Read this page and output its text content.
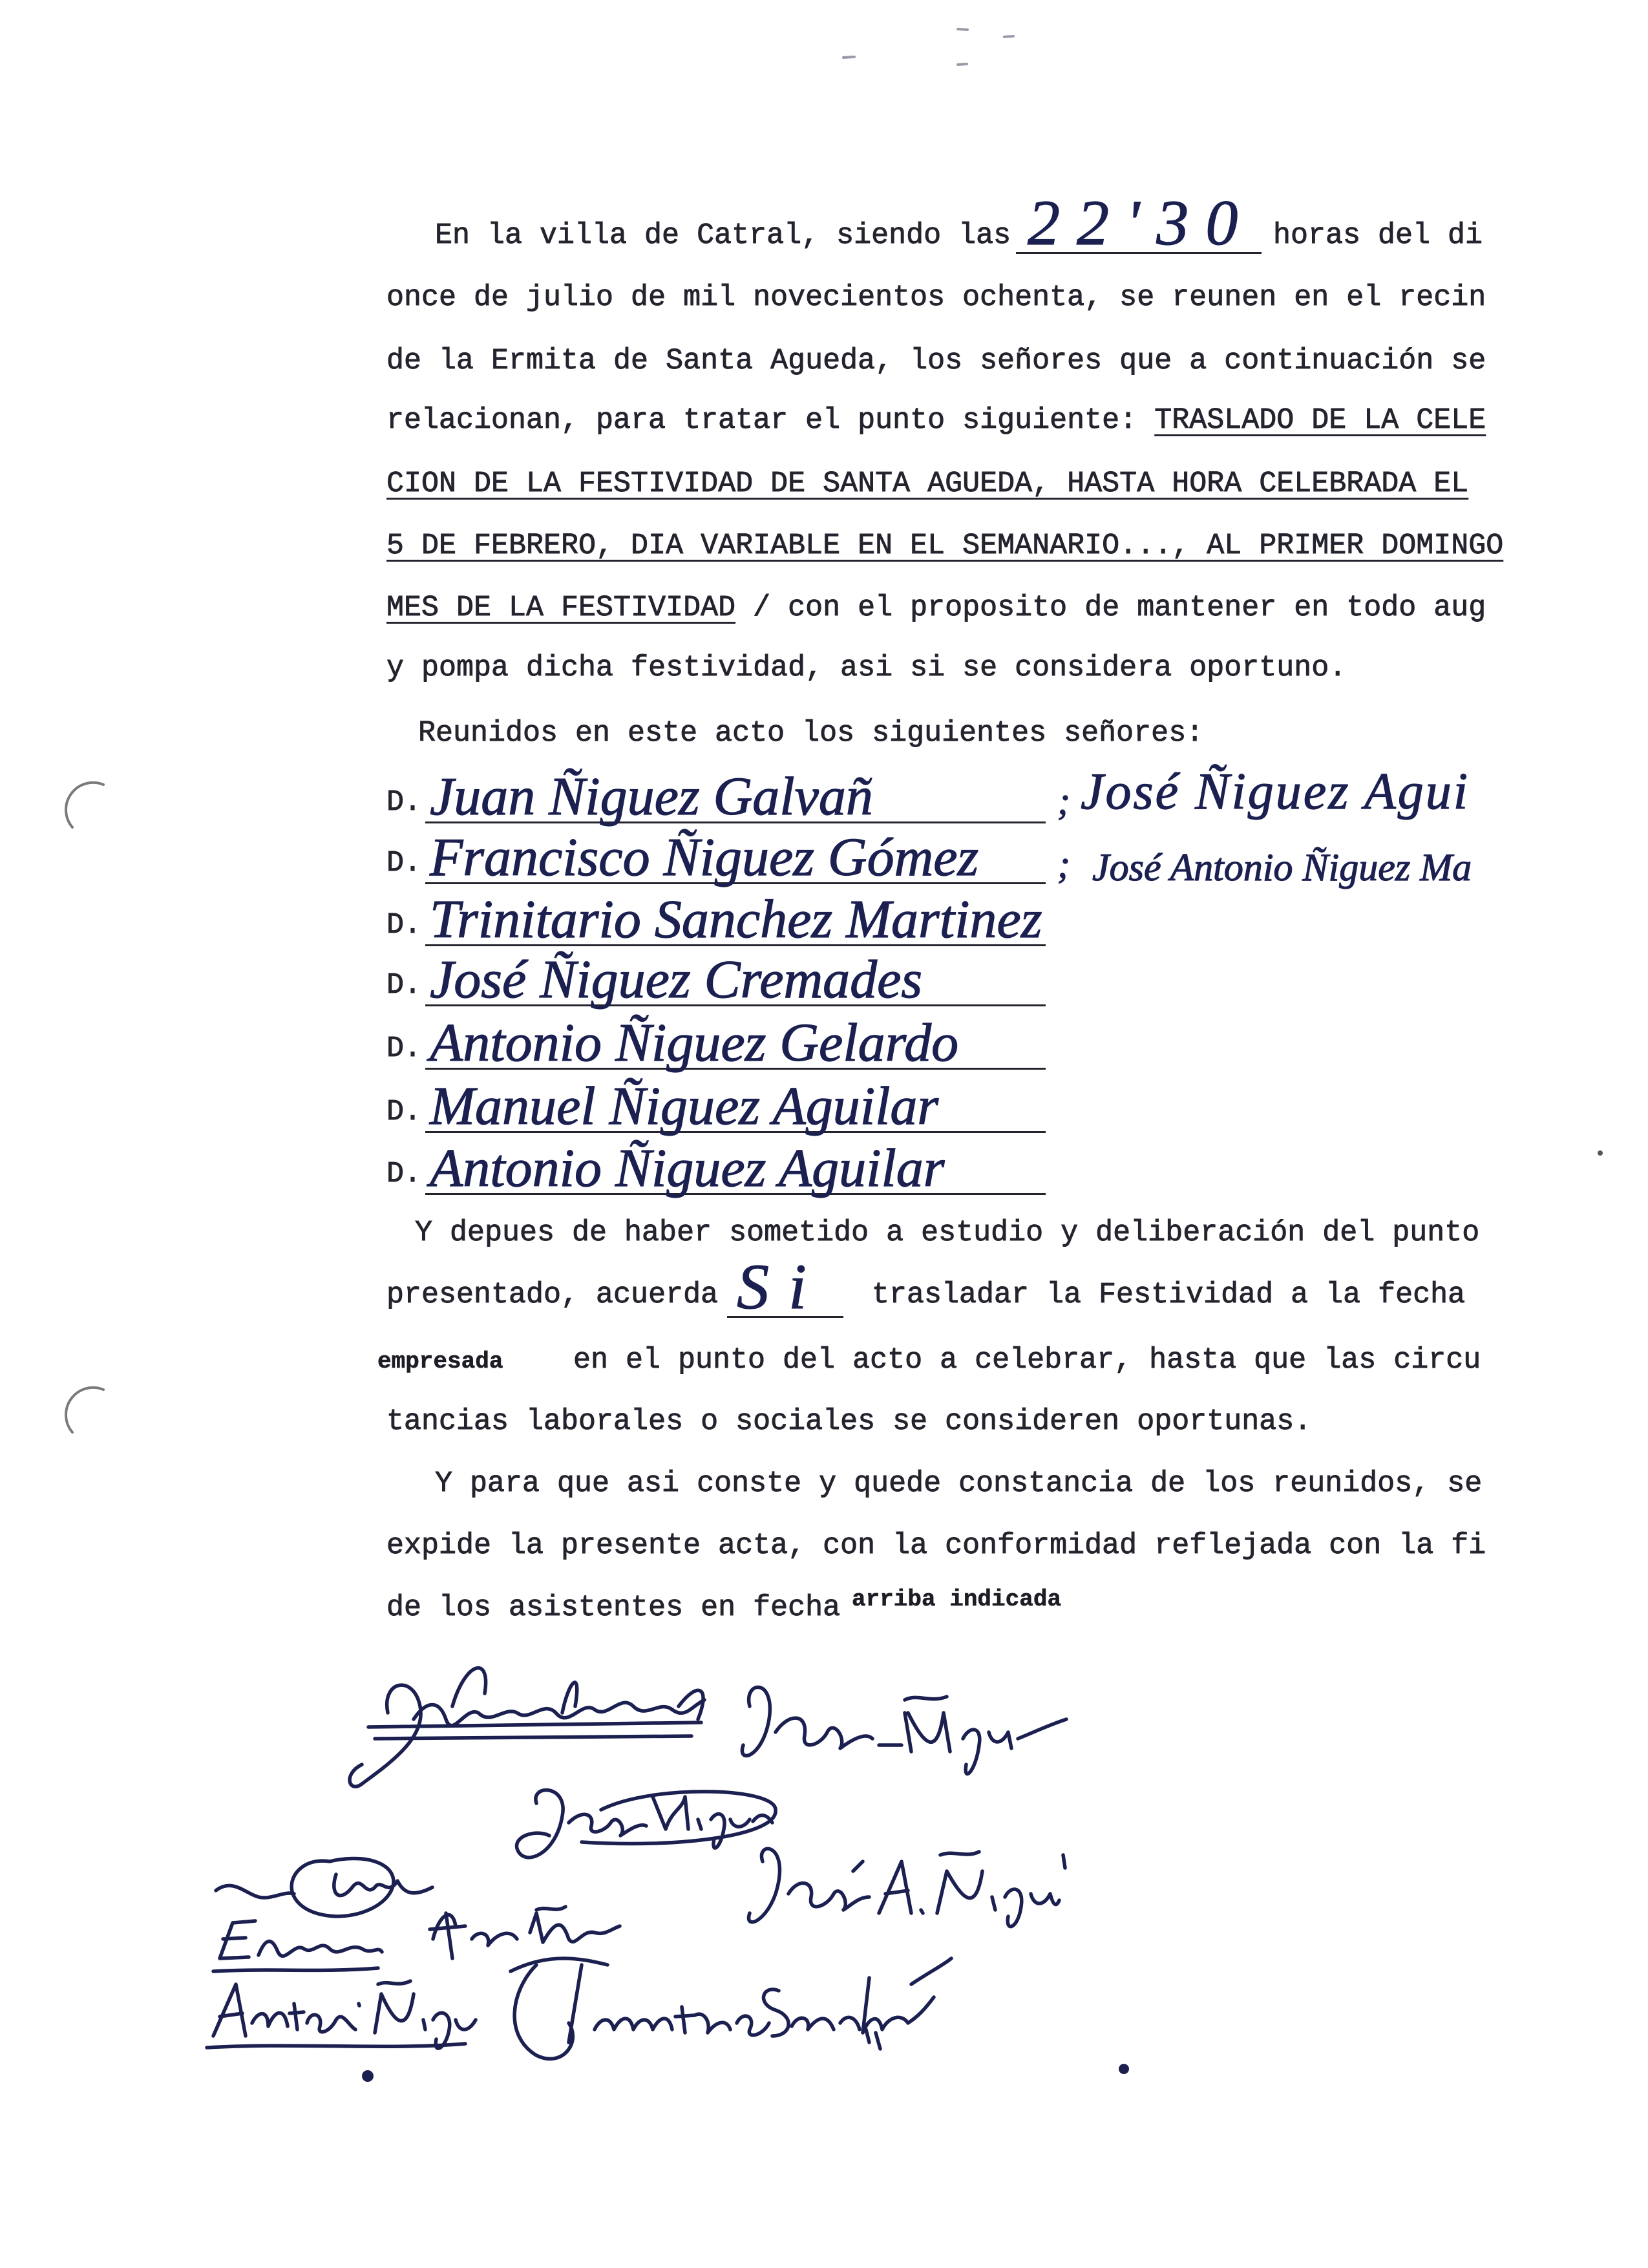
En la villa de Catral, siendo las 22'30 horas del di
once de julio de mil novecientos ochenta, se reunen en el recin
de la Ermita de Santa Agueda, los señores que a continuación se
relacionan, para tratar el punto siguiente: TRASLADO DE LA CELE
CION DE LA FESTIVIDAD DE SANTA AGUEDA, HASTA HORA CELEBRADA EL
5 DE FEBRERO, DIA VARIABLE EN EL SEMANARIO..., AL PRIMER DOMINGO
MES DE LA FESTIVIDAD / con el proposito de mantener en todo aug
y pompa dicha festividad, asi si se considera oportuno.
Reunidos en este acto los siguientes señores:
D. Juan Ñiguez Galvañ	; José Ñiguez Agui
D. Francisco Ñiguez Gómez ; José Antonio Ñiguez Ma
D. Trinitario Sanchez Martinez
D. José Ñiguez Cremades
D. Antonio Ñiguez Gelardo
D. Manuel Ñiguez Aguilar
D. Antonio Ñiguez Aguilar
Y depues de haber sometido a estudio y deliberación del punto
presentado, acuerda Si trasladar la Festividad a la fecha
empresada en el punto del acto a celebrar, hasta que las circu
tancias laborales o sociales se consideren oportunas.
Y para que asi conste y quede constancia de los reunidos, se
expide la presente acta, con la conformidad reflejada con la fi
de los asistentes en fecha arriba indicada
